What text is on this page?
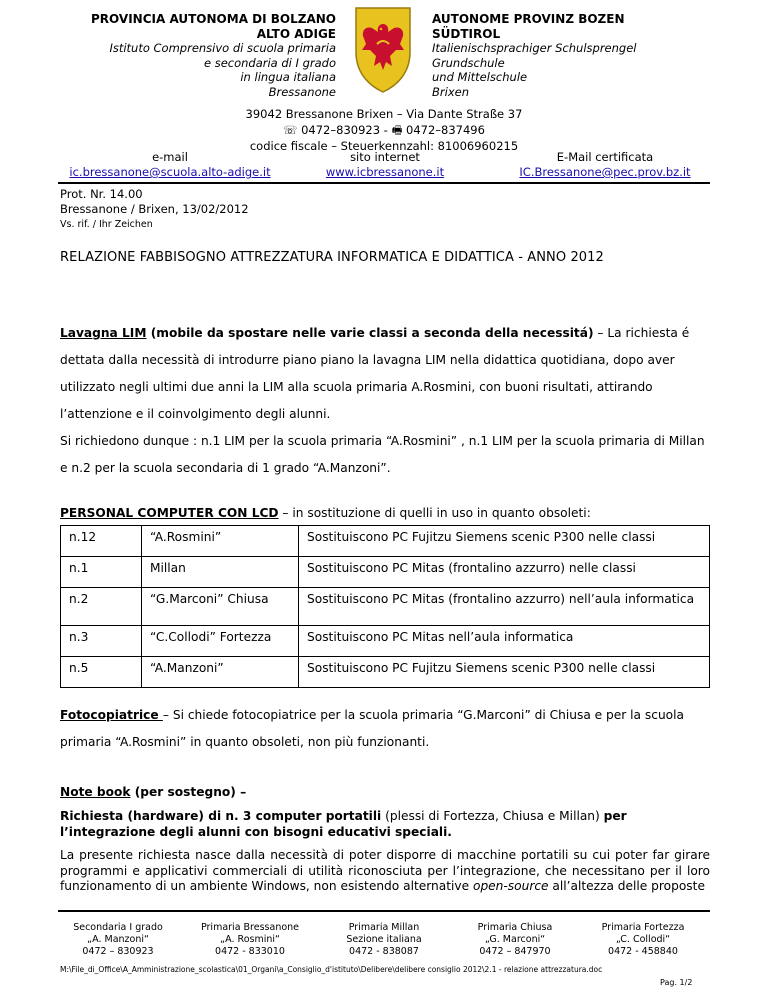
PROVINCIA AUTONOMA DI BOLZANO
ALTO ADIGE
Istituto Comprensivo di scuola primaria
e secondaria di I grado
in lingua italiana
Bressanone
AUTONOME PROVINZ BOZEN
SÜDTIROL
Italienischsprachiger Schulsprengel
Grundschule
und Mittelschule
Brixen
39042 Bressanone Brixen – Via Dante Straße 37
☏ 0472–830923 - 🖷 0472–837496
codice fiscale – Steuerkennzahl: 81006960215
e-mail
ic.bressanone@scuola.alto-adige.it
sito internet
www.icbressanone.it
E-Mail certificata
IC.Bressanone@pec.prov.bz.it
Prot. Nr. 14.00
Bressanone / Brixen, 13/02/2012
Vs. rif. / Ihr Zeichen
RELAZIONE FABBISOGNO ATTREZZATURA INFORMATICA E DIDATTICA - ANNO 2012
Lavagna LIM (mobile da spostare nelle varie classi a seconda della necessitá) – La richiesta é dettata dalla necessità di introdurre piano piano la lavagna LIM nella didattica quotidiana, dopo aver utilizzato negli ultimi due anni la LIM alla scuola primaria A.Rosmini, con buoni risultati, attirando l’attenzione e il coinvolgimento degli alunni.
Si richiedono dunque : n.1 LIM per la scuola primaria “A.Rosmini” , n.1 LIM per la scuola primaria di Millan e n.2 per la scuola secondaria di 1 grado “A.Manzoni”.
PERSONAL COMPUTER CON LCD – in sostituzione di quelli in uso in quanto obsoleti:
n.12	“A.Rosmini”	Sostituiscono PC Fujitzu Siemens scenic P300 nelle classi
n.1	Millan	Sostituiscono PC Mitas (frontalino azzurro) nelle classi
n.2	“G.Marconi” Chiusa	Sostituiscono PC Mitas (frontalino azzurro) nell’aula informatica
n.3	“C.Collodi” Fortezza	Sostituiscono PC Mitas nell’aula informatica
n.5	“A.Manzoni”	Sostituiscono PC Fujitzu Siemens scenic P300 nelle classi
Fotocopiatrice – Si chiede fotocopiatrice per la scuola primaria “G.Marconi” di Chiusa e per la scuola primaria “A.Rosmini” in quanto obsoleti, non più funzionanti.
Note book (per sostegno) –
Richiesta (hardware) di n. 3 computer portatili (plessi di Fortezza, Chiusa e Millan) per l’integrazione degli alunni con bisogni educativi speciali.
La presente richiesta nasce dalla necessità di poter disporre di macchine portatili su cui poter far girare programmi e applicativi commerciali di utilità riconosciuta per l’integrazione, che necessitano per il loro funzionamento di un ambiente Windows, non esistendo alternative open-source all’altezza delle proposte
Secondaria I grado
„A. Manzoni“
0472 – 830923
Primaria Bressanone
„A. Rosmini“
0472 - 833010
Primaria Millan
Sezione italiana
0472 - 838087
Primaria Chiusa
„G. Marconi“
0472 – 847970
Primaria Fortezza
„C. Collodi“
0472 - 458840
M:\File_di_Office\A_Amministrazione_scolastica\01_Organi\a_Consiglio_d'istituto\Delibere\delibere consiglio 2012\2.1 - relazione attrezzatura.doc
Pag. 1/2
